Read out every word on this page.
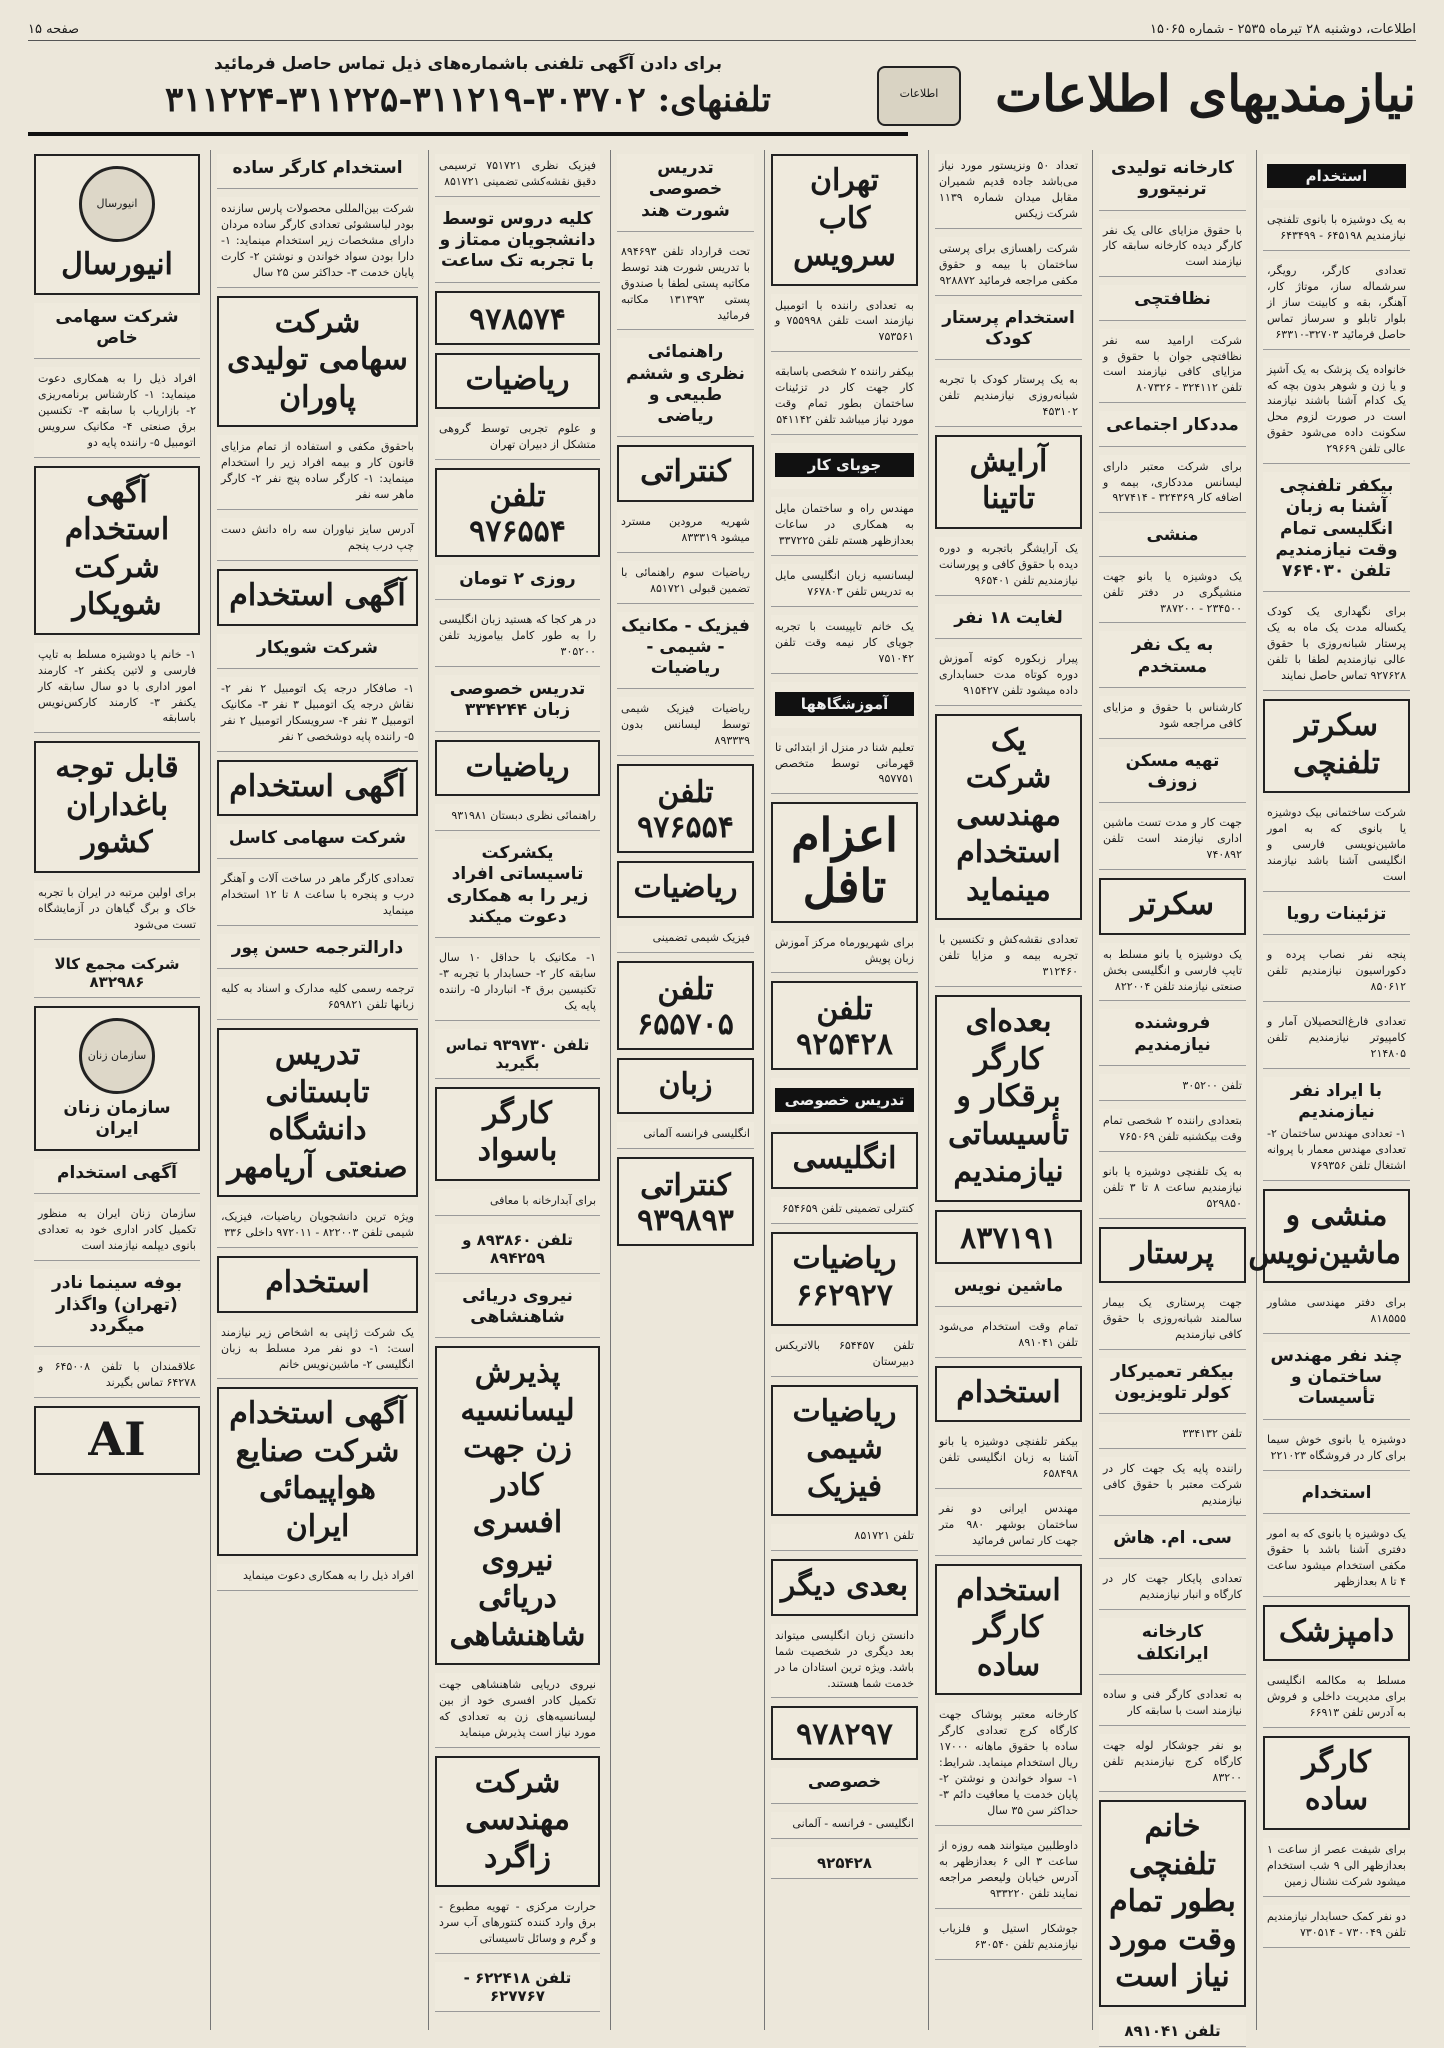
اطلاعات، دوشنبه ۲۸ تیرماه ۲۵۳۵ - شماره ۱۵۰۶۵
صفحه ۱۵
نیازمندیهای اطلاعات
اطلاعات
برای دادن آگهی تلفنی باشماره‌های ذیل تماس حاصل فرمائید
تلفنهای: ۳۰۳۷۰۲-۳۱۱۲۱۹-۳۱۱۲۲۵-۳۱۱۲۲۴
استخدام
به یک دوشیزه با بانوی تلفنچی نیازمندیم ۶۴۵۱۹۸ - ۶۴۳۴۹۹
تعدادی کارگر، رویگر، سرشماله ساز، موتاژ کار، آهنگر، بقه و کابینت ساز از بلوار تابلو و سرساز تماس حاصل فرمائید ۳۲۷۰۳-۶۳۳۱۰
خانواده یک پزشک به یک آشپز و یا زن و شوهر بدون بچه که یک کدام آشنا باشند نیازمند است در صورت لزوم محل سکونت داده می‌شود حقوق عالی تلفن ۲۹۶۶۹
بیکفر تلفنچی آشنا به زبان انگلیسی تمام وقت نیازمندیم تلفن ۷۶۴۰۳۰
برای نگهداری یک کودک یکساله مدت یک ماه به یک پرستار شبانه‌روزی با حقوق عالی نیازمندیم لطفا با تلفن ۹۲۷۶۲۸ تماس حاصل نمایند
سکرتر تلفنچی
شرکت ساختمانی بیک دوشیزه یا بانوی که به امور ماشین‌نویسی فارسی و انگلیسی آشنا باشد نیازمند است
تزئینات رویا
پنجه نفر نصاب پرده و دکوراسیون نیازمندیم تلفن ۸۵۰۶۱۲
تعدادی فارغ‌التحصیلان آمار و کامپیوتر نیازمندیم تلفن ۲۱۴۸۰۵
با ایراد نفر نیازمندیم
۱- تعدادی مهندس ساختمان ۲- تعدادی مهندس معمار با پروانه اشتغال تلفن ۷۶۹۳۵۶
منشی و ماشین‌نویس
برای دفتر مهندسی مشاور ۸۱۸۵۵۵
چند نفر مهندس ساختمان و تأسیسات
دوشیزه یا بانوی خوش سیما برای کار در فروشگاه ۲۲۱۰۲۳
استخدام
یک دوشیزه یا بانوی که به امور دفتری آشنا باشد با حقوق مکفی استخدام میشود ساعت ۴ تا ۸ بعدازظهر
دامپزشک
مسلط به مکالمه انگلیسی برای مدیریت داخلی و فروش به آدرس تلفن ۶۶۹۱۳
کارگر ساده
برای شیفت عصر از ساعت ۱ بعدازظهر الی ۹ شب استخدام میشود شرکت نشنال زمین
دو نفر کمک حسابدار نیازمندیم تلفن ۷۳۰۰۴۹ - ۷۳۰۵۱۴
کارخانه تولیدی ترنیتورو
با حقوق مزایای عالی یک نفر کارگر دیده کارخانه سابقه کار نیازمند است
نظافتچی
شرکت ارامید سه نفر نظافتچی جوان با حقوق و مزایای کافی نیازمند است تلفن ۳۲۴۱۱۲ - ۸۰۷۳۲۶
مددکار اجتماعی
برای شرکت معتبر دارای لیسانس مددکاری، بیمه و اضافه کار ۳۲۴۳۶۹ - ۹۲۷۴۱۴
منشی
یک دوشیزه یا بانو جهت منشیگری در دفتر تلفن ۲۳۴۵۰۰ - ۳۸۷۲۰۰
به یک نفر مستخدم
کارشناس با حقوق و مزایای کافی مراجعه شود
تهیه مسکن زوزف
جهت کار و مدت تست ماشین اداری نیازمند است تلفن ۷۴۰۸۹۲
سکرتر
یک دوشیزه یا بانو مسلط به تایپ فارسی و انگلیسی بخش صنعتی نیازمند تلفن ۸۲۲۰۰۴
فروشنده نیازمندیم
تلفن ۳۰۵۲۰۰
بتعدادی راننده ۲ شخصی تمام وقت بیکشنبه تلفن ۷۶۵۰۶۹
به یک تلفنچی دوشیزه یا بانو نیازمندیم ساعت ۸ تا ۳ تلفن ۵۲۹۸۵۰
پرستار
جهت پرستاری یک بیمار سالمند شبانه‌روزی با حقوق کافی نیازمندیم
بیکفر تعمیرکار کولر تلویزیون
تلفن ۳۳۴۱۳۲
راننده پایه یک جهت کار در شرکت معتبر با حقوق کافی نیازمندیم
سی. ام. هاش
تعدادی پایکار جهت کار در کارگاه و انبار نیازمندیم
کارخانه ایرانکلف
به تعدادی کارگر فنی و ساده نیازمند است با سابقه کار
بو نفر جوشکار لوله جهت کارگاه کرج نیازمندیم تلفن ۸۳۲۰۰
خانم تلفنچی بطور تمام وقت مورد نیاز است
تلفن ۸۹۱۰۴۱
تعداد ۵۰ ونزیستور مورد نیاز می‌باشد جاده قدیم شمیران مقابل میدان شماره ۱۱۳۹ شرکت زیکس
شرکت راهسازی برای پرستی ساختمان با بیمه و حقوق مکفی مراجعه فرمائید ۹۲۸۸۷۲
استخدام پرستار کودک
به یک پرستار کودک با تجربه شبانه‌روزی نیازمندیم تلفن ۴۵۳۱۰۲
آرایش تاتینا
یک آرایشگر باتجربه و دوره دیده با حقوق کافی و پورسانت نیازمندیم تلفن ۹۶۵۴۰۱
لغایت ۱۸ نفر
پیرار زبکوره کوته آموزش دوره کوتاه مدت حسابداری داده میشود تلفن ۹۱۵۴۲۷
یک شرکت مهندسی استخدام مینماید
تعدادی نقشه‌کش و تکنسین با تجربه بیمه و مزایا تلفن ۳۱۲۴۶۰
بعده‌ای کارگر برقکار و تأسیساتی نیازمندیم
۸۳۷۱۹۱
ماشین نویس
تمام وقت استخدام می‌شود تلفن ۸۹۱۰۴۱
استخدام
بیکفر تلفنچی دوشیزه یا بانو آشنا به زبان انگلیسی تلفن ۶۵۸۴۹۸
مهندس ایرانی دو نفر ساختمان بوشهر ۹۸۰ متر جهت کار تماس فرمائید
استخدام کارگر ساده
کارخانه معتبر پوشاک جهت کارگاه کرج تعدادی کارگر ساده با حقوق ماهانه ۱۷۰۰۰ ریال استخدام مینماید. شرایط: ۱- سواد خواندن و نوشتن ۲- پایان خدمت یا معافیت دائم ۳- حداکثر سن ۳۵ سال
داوطلبین میتوانند همه روزه از ساعت ۳ الی ۶ بعدازظهر به آدرس خیابان ولیعصر مراجعه نمایند تلفن ۹۳۳۲۲۰
جوشکار استیل و فلزیاب نیازمندیم تلفن ۶۳۰۵۴۰
تهران کاب سرویس
به تعدادی راننده با اتومبیل نیازمند است تلفن ۷۵۵۹۹۸ و ۷۵۳۵۶۱
بیکفر راننده ۲ شخصی باسابقه کار جهت کار در تزئینات ساختمان بطور تمام وقت مورد نیاز میباشد تلفن ۵۴۱۱۴۲
جوبای کار
مهندس راه و ساختمان مایل به همکاری در ساعات بعدازظهر هستم تلفن ۳۳۷۲۲۵
لیسانسیه زبان انگلیسی مایل به تدریس تلفن ۷۶۷۸۰۳
یک خانم تایپیست با تجربه جویای کار نیمه وقت تلفن ۷۵۱۰۴۲
آموزشگاهها
تعلیم شنا در منزل از ابتدائی تا قهرمانی توسط متخصص ۹۵۷۷۵۱
اعزام تافل
برای شهریورماه مرکز آموزش زبان پویش
تلفن ۹۲۵۴۲۸
تدریس خصوصی
انگلیسی
کنترلی تضمینی تلفن ۶۵۴۶۵۹
ریاضیات ۶۶۲۹۲۷
تلفن ۶۵۴۴۵۷ بالاتریکس دبیرستان
ریاضیات شیمی فیزیک
تلفن ۸۵۱۷۲۱
بعدی دیگر
دانستن زبان انگلیسی میتواند بعد دیگری در شخصیت شما باشد. ویژه ترین استادان ما در خدمت شما هستند.
۹۷۸۲۹۷
خصوصی
انگلیسی - فرانسه - آلمانی
۹۲۵۴۲۸
تدریس خصوصی شورت هند
تحت قرارداد تلفن ۸۹۴۶۹۳ با تدریس شورت هند توسط مکاتبه پستی لطفا با صندوق پستی ۱۳۱۳۹۳ مکاتبه فرمائید
راهنمائی نظری و ششم طبیعی و ریاضی
کنتراتی
شهریه مرودین مسترد میشود ۸۳۳۳۱۹
ریاضیات سوم راهنمائی با تضمین قبولی ۸۵۱۷۲۱
فیزیک - مکانیک - شیمی - ریاضیات
ریاضیات فیزیک شیمی توسط لیسانس بدون ۸۹۳۳۳۹
تلفن ۹۷۶۵۵۴
ریاضیات
فیزیک شیمی تضمینی
تلفن ۶۵۵۷۰۵
زبان
انگلیسی فرانسه آلمانی
کنتراتی ۹۳۹۸۹۳
فیزیک نظری ۷۵۱۷۲۱ ترسیمی دقیق نقشه‌کشی تضمینی ۸۵۱۷۲۱
کلیه دروس توسط دانشجویان ممتاز و با تجربه تک ساعت
۹۷۸۵۷۴
ریاضیات
و علوم تجربی توسط گروهی متشکل از دبیران تهران
تلفن ۹۷۶۵۵۴
روزی ۲ تومان
در هر کجا که هستید زبان انگلیسی را به طور کامل بیاموزید تلفن ۳۰۵۲۰۰
تدریس خصوصی زبان ۳۳۴۲۴۴
ریاضیات
راهنمائی نظری دبستان ۹۳۱۹۸۱
یکشرکت تاسیساتی افراد زیر را به همکاری دعوت میکند
۱- مکانیک با حداقل ۱۰ سال سابقه کار ۲- حسابدار با تجربه ۳- تکنیسین برق ۴- انباردار ۵- راننده پایه یک
تلفن ۹۳۹۷۳۰ تماس بگیرید
کارگر باسواد
برای آبدارخانه با معافی
تلفن ۸۹۳۸۶۰ و ۸۹۴۲۵۹
نیروی دریائی شاهنشاهی
پذیرش لیسانسیه زن جهت کادر افسری نیروی دریائی شاهنشاهی
نیروی دریایی شاهنشاهی جهت تکمیل کادر افسری خود از بین لیسانسیه‌های زن به تعدادی که مورد نیاز است پذیرش مینماید
شرکت مهندسی زاگرد
حرارت مرکزی - تهویه مطبوع - برق وارد کننده کنتورهای آب سرد و گرم و وسائل تاسیساتی
تلفن ۶۲۲۴۱۸ - ۶۲۷۷۶۷
استخدام کارگر ساده
شرکت بین‌المللی محصولات پارس سازنده بودر لباسشوئی تعدادی کارگر ساده مردان دارای مشخصات زیر استخدام مینماید: ۱- دارا بودن سواد خواندن و نوشتن ۲- کارت پایان خدمت ۳- حداکثر سن ۲۵ سال
شرکت سهامی تولیدی پاوران
باحقوق مکفی و استفاده از تمام مزایای قانون کار و بیمه افراد زیر را استخدام مینماید: ۱- کارگر ساده پنج نفر ۲- کارگر ماهر سه نفر
آدرس سایز نیاوران سه راه دانش دست چپ درب پنجم
آگهی استخدام
شرکت شویکار
۱- صافکار درجه یک اتومبیل ۲ نفر ۲- نقاش درجه یک اتومبیل ۳ نفر ۳- مکانیک اتومبیل ۳ نفر ۴- سرویسکار اتومبیل ۲ نفر ۵- راننده پایه دوشخصی ۲ نفر
آگهی استخدام
شرکت سهامی کاسل
تعدادی کارگر ماهر در ساخت آلات و آهنگر درب و پنجره با ساعت ۸ تا ۱۲ استخدام مینماید
دارالترجمه حسن پور
ترجمه رسمی کلیه مدارک و اسناد به کلیه زبانها تلفن ۶۵۹۸۲۱
تدریس تابستانی دانشگاه صنعتی آریامهر
ویژه ترین دانشجویان ریاضیات، فیزیک، شیمی تلفن ۸۲۲۰۰۳ - ۹۷۲۰۱۱ داخلی ۳۳۶
استخدام
یک شرکت ژاپنی به اشخاص زیر نیازمند است: ۱- دو نفر مرد مسلط به زبان انگلیسی ۲- ماشین‌نویس خانم
آگهی استخدام شرکت صنایع هواپیمائی ایران
افراد ذیل را به همکاری دعوت مینماید
انیورسال
انیورسال
شرکت سهامی خاص
افراد ذیل را به همکاری دعوت مینماید: ۱- کارشناس برنامه‌ریزی ۲- بازاریاب با سابقه ۳- تکنسین برق صنعتی ۴- مکانیک سرویس اتومبیل ۵- راننده پایه دو
آگهی استخدام شرکت شویکار
۱- خانم یا دوشیزه مسلط به تایپ فارسی و لاتین یکنفر ۲- کارمند امور اداری با دو سال سابقه کار یکنفر ۳- کارمند کارکس‌نویس باسابقه
قابل توجه باغداران کشور
برای اولین مرتبه در ایران با تجربه خاک و برگ گیاهان در آزمایشگاه تست می‌شود
شرکت مجمع کالا ۸۳۲۹۸۶
سازمان زنان
سازمان زنان ایران
آگهی استخدام
سازمان زنان ایران به منظور تکمیل کادر اداری خود به تعدادی بانوی دیپلمه نیازمند است
بوفه سینما نادر (تهران) واگذار میگردد
علاقمندان با تلفن ۶۴۵۰۰۸ و ۶۴۲۷۸ تماس بگیرند
AI
